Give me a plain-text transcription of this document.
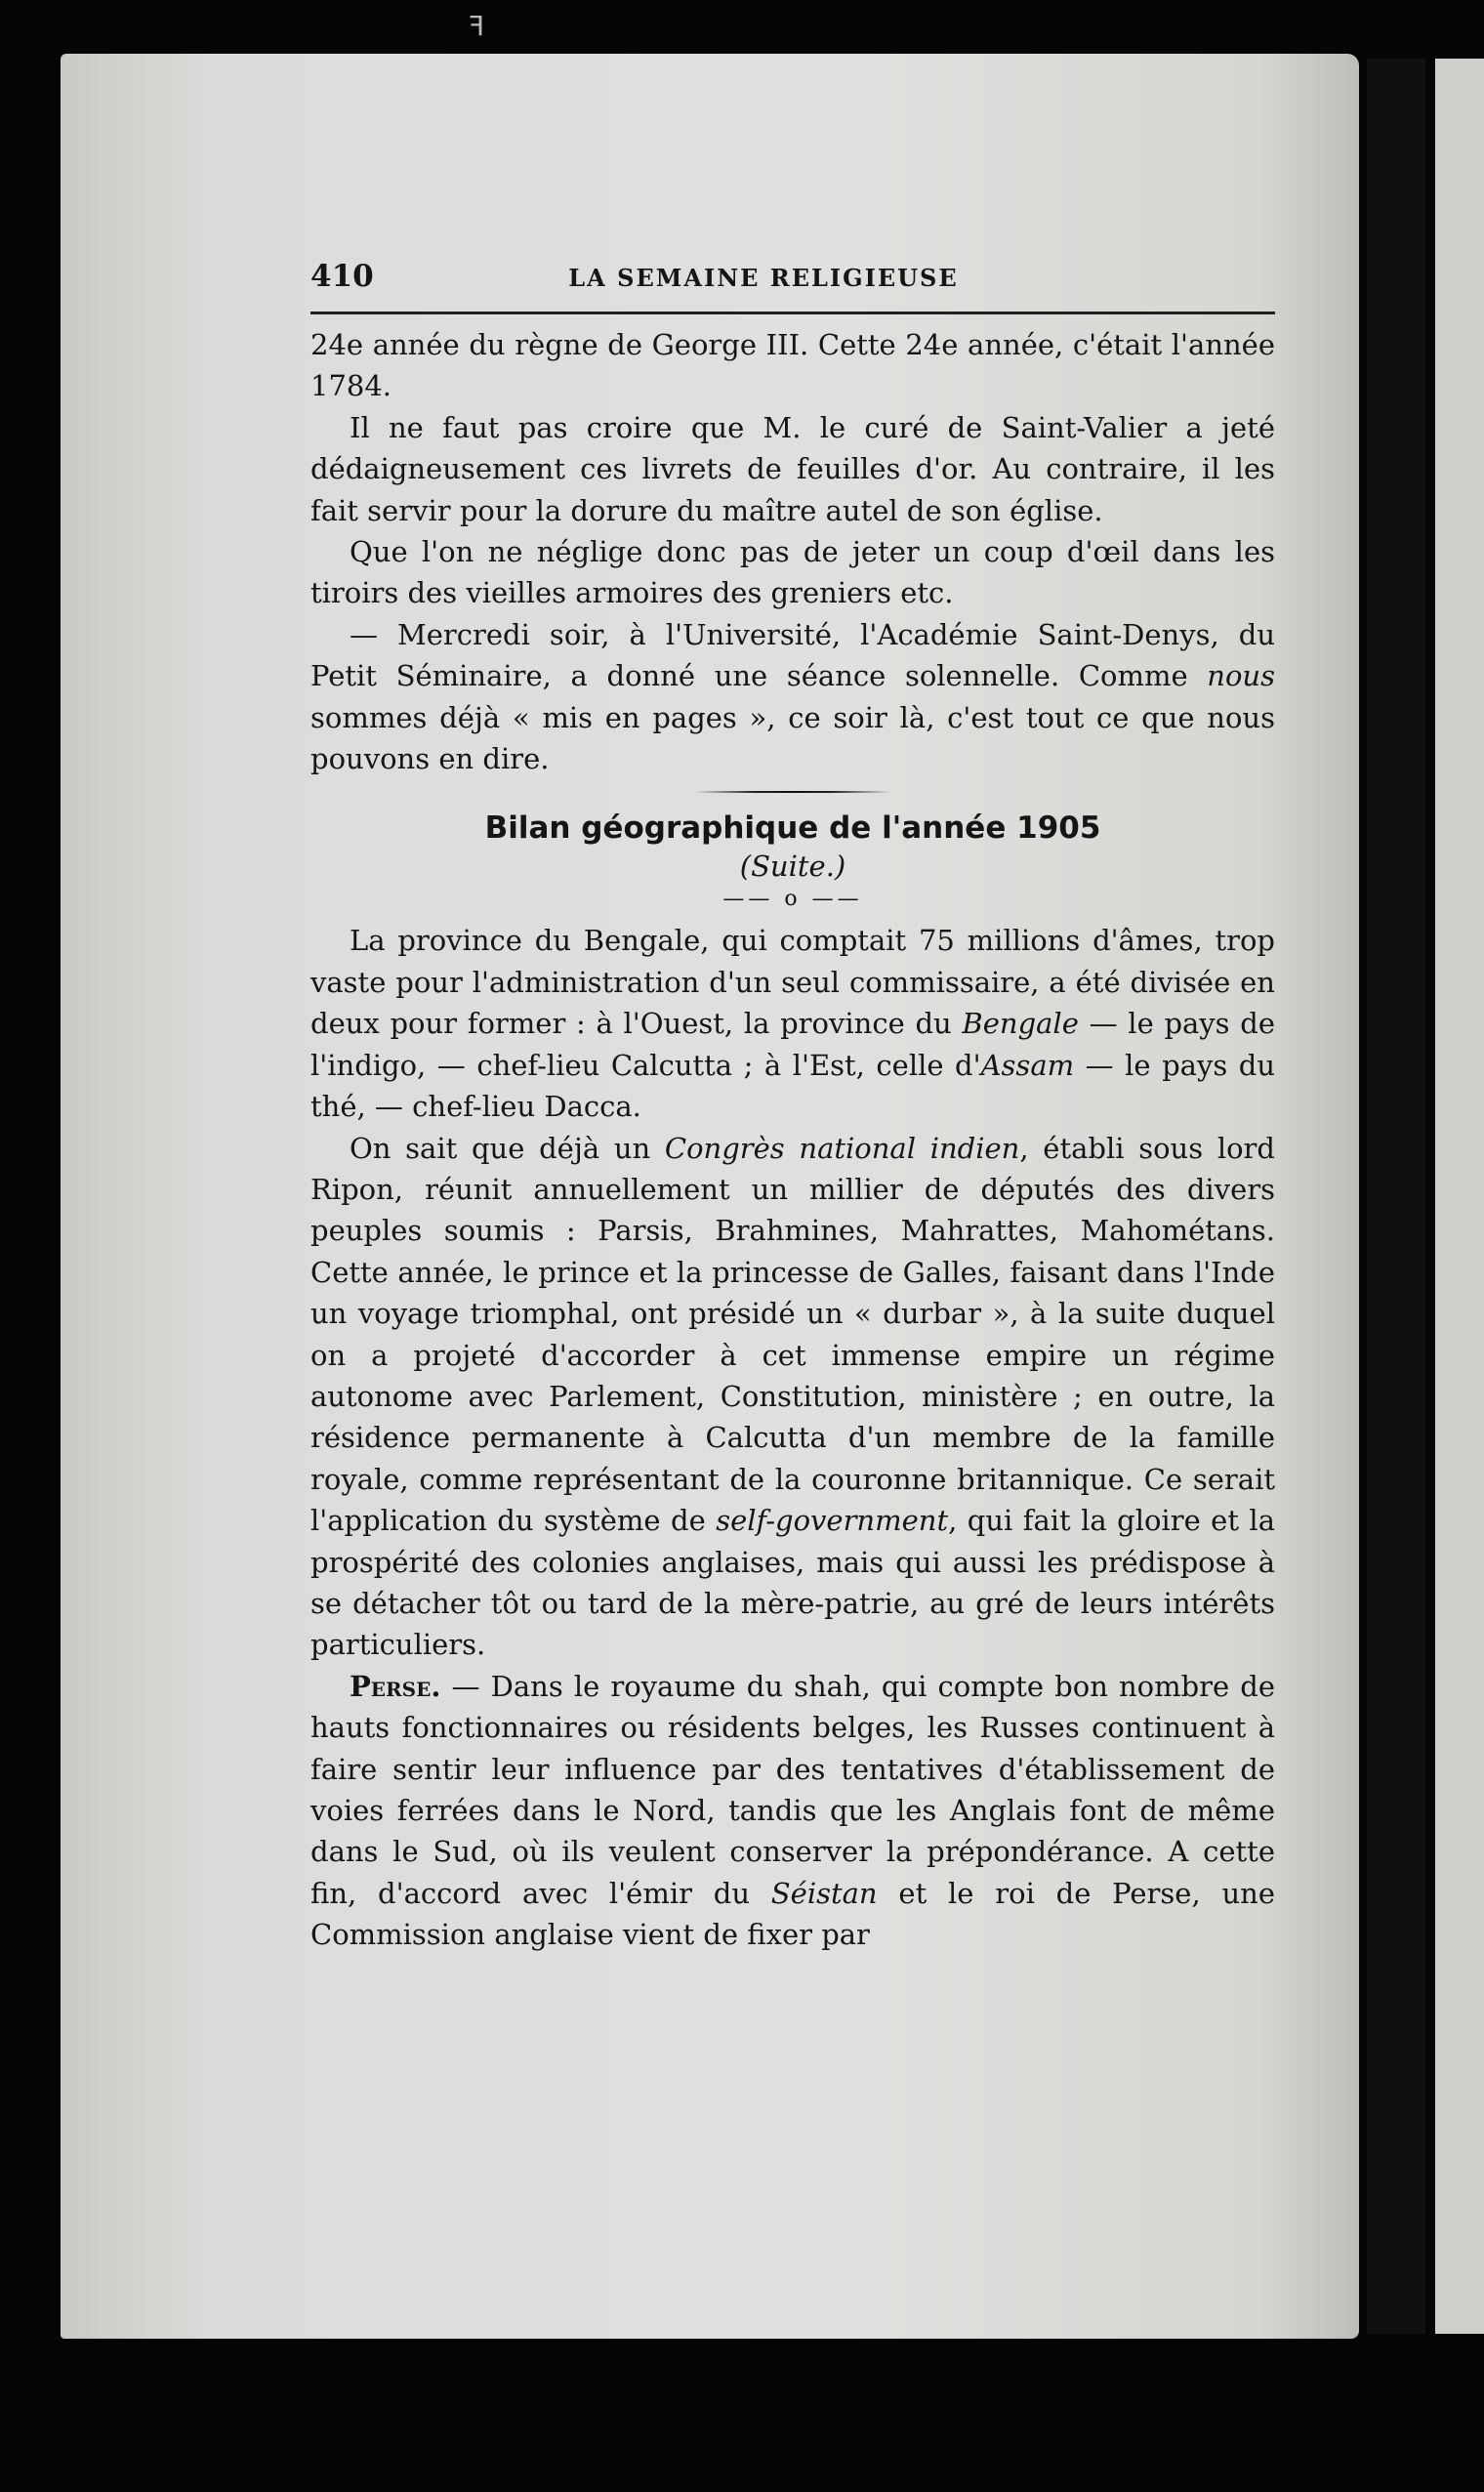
ꟻ
410	LA SEMAINE RELIGIEUSE

24e année du règne de George III. Cette 24e année, c'était l'année 1784.

Il ne faut pas croire que M. le curé de Saint-Valier a jeté dédaigneusement ces livrets de feuilles d'or. Au contraire, il les fait servir pour la dorure du maître autel de son église.

Que l'on ne néglige donc pas de jeter un coup d'œil dans les tiroirs des vieilles armoires des greniers etc.

— Mercredi soir, à l'Université, l'Académie Saint-Denys, du Petit Séminaire, a donné une séance solennelle. Comme nous sommes déjà « mis en pages », ce soir là, c'est tout ce que nous pouvons en dire.

Bilan géographique de l'année 1905
(Suite.)
—— o ——

La province du Bengale, qui comptait 75 millions d'âmes, trop vaste pour l'administration d'un seul commissaire, a été divisée en deux pour former : à l'Ouest, la province du Bengale — le pays de l'indigo, — chef-lieu Calcutta ; à l'Est, celle d'Assam — le pays du thé, — chef-lieu Dacca.

On sait que déjà un Congrès national indien, établi sous lord Ripon, réunit annuellement un millier de députés des divers peuples soumis : Parsis, Brahmines, Mahrattes, Mahométans. Cette année, le prince et la princesse de Galles, faisant dans l'Inde un voyage triomphal, ont présidé un « durbar », à la suite duquel on a projeté d'accorder à cet immense empire un régime autonome avec Parlement, Constitution, ministère ; en outre, la résidence permanente à Calcutta d'un membre de la famille royale, comme représentant de la couronne britannique. Ce serait l'application du système de self-government, qui fait la gloire et la prospérité des colonies anglaises, mais qui aussi les prédispose à se détacher tôt ou tard de la mère-patrie, au gré de leurs intérêts particuliers.

Perse. — Dans le royaume du shah, qui compte bon nombre de hauts fonctionnaires ou résidents belges, les Russes continuent à faire sentir leur influence par des tentatives d'établissement de voies ferrées dans le Nord, tandis que les Anglais font de même dans le Sud, où ils veulent conserver la prépondérance. A cette fin, d'accord avec l'émir du Séistan et le roi de Perse, une Commission anglaise vient de fixer par
